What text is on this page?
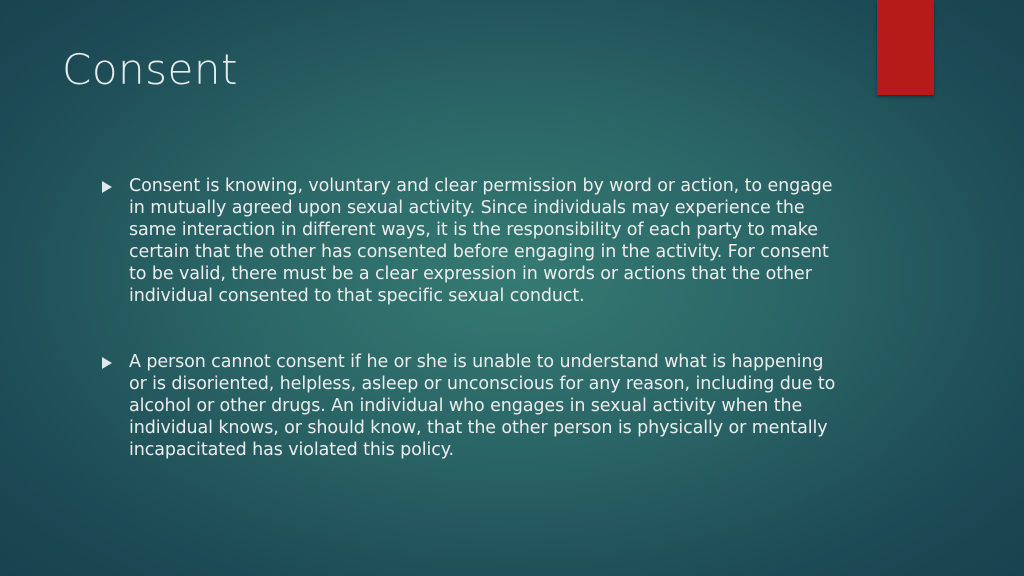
Consent
Consent is knowing, voluntary and clear permission by word or action, to engage in mutually agreed upon sexual activity. Since individuals may experience the same interaction in different ways, it is the responsibility of each party to make certain that the other has consented before engaging in the activity. For consent to be valid, there must be a clear expression in words or actions that the other individual consented to that specific sexual conduct.
A person cannot consent if he or she is unable to understand what is happening or is disoriented, helpless, asleep or unconscious for any reason, including due to alcohol or other drugs. An individual who engages in sexual activity when the individual knows, or should know, that the other person is physically or mentally incapacitated has violated this policy.
